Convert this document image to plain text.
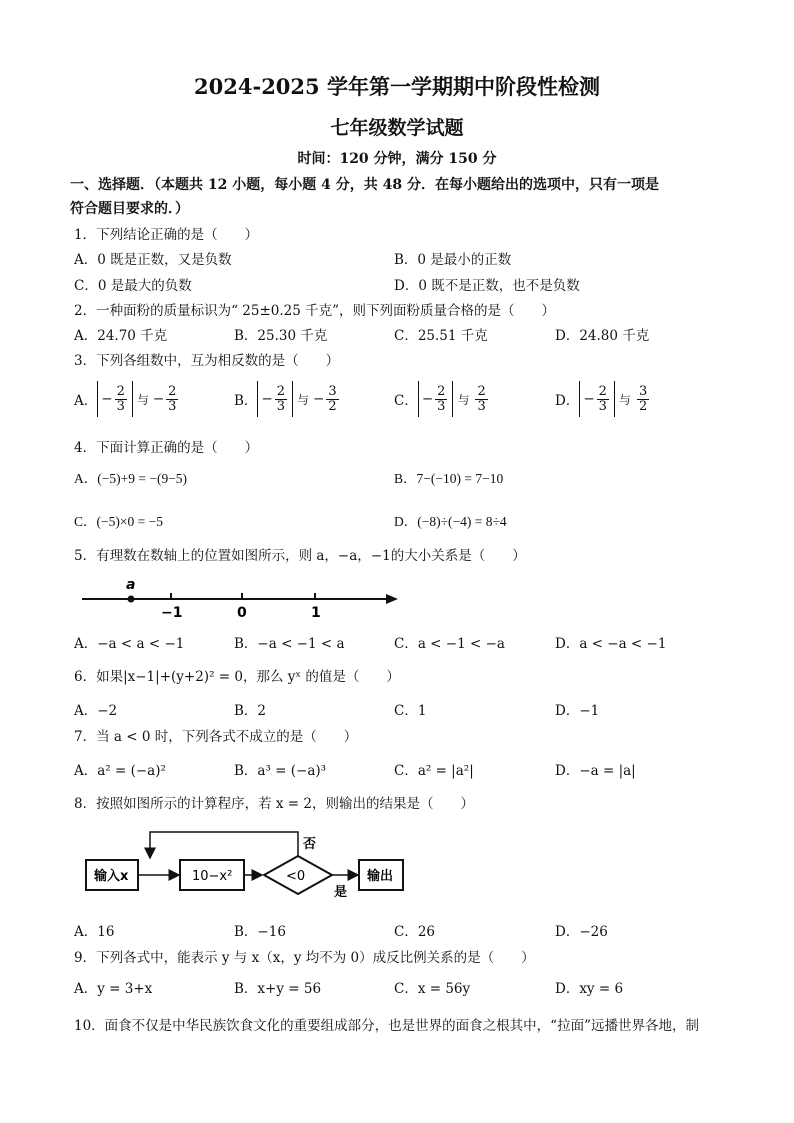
2024-2025 学年第一学期期中阶段性检测
七年级数学试题
时间：120 分钟，满分 150 分
一、选择题．（本题共 12 小题，每小题 4 分，共 48 分．在每小题给出的选项中，只有一项是
符合题目要求的．）
1．下列结论正确的是（　　）
A．0 既是正数，又是负数	B．0 是最小的正数
C．0 是最大的负数	D．0 既不是正数，也不是负数
2．一种面粉的质量标识为“ 25±0.25 千克”，则下列面粉质量合格的是（　　）
A．24.70 千克	B．25.30 千克	C．25.51 千克	D．24.80 千克
3．下列各组数中，互为相反数的是（　　）
A． − $\frac{2}{3}$ 与 − $\frac{2}{3}$	B． − $\frac{2}{3}$ 与 − $\frac{3}{2}$	C． − $\frac{2}{3}$ 与 $\frac{2}{3}$	D． − $\frac{2}{3}$ 与 $\frac{3}{2}$
4．下面计算正确的是（　　）
A．(−5)+9 = −(9−5)	B．7−(−10) = 7−10
C．(−5)×0 = −5	D．(−8)÷(−4) = 8÷4
5．有理数在数轴上的位置如图所示，则 a，−a，−1的大小关系是（　　）
a
−1	0	1
A．−a < a < −1	B．−a < −1 < a	C．a < −1 < −a	D．a < −a < −1
6．如果|x−1|+(y+2)² = 0，那么 yˣ 的值是（　　）
A．−2	B．2	C．1	D．−1
7．当 a < 0 时，下列各式不成立的是（　　）
A．a² = (−a)²	B．a³ = (−a)³	C．a² = |a²|	D．−a = |a|
8．按照如图所示的计算程序，若 x = 2，则输出的结果是（　　）
输入x	10−x²	<0
是
输出
否
A．16	B．−16	C．26	D．−26
9．下列各式中，能表示 y 与 x（x，y 均不为 0）成反比例关系的是（　　）
A．y = 3+x	B．x+y = 56	C．x = 56y	D．xy = 6
10．面食不仅是中华民族饮食文化的重要组成部分，也是世界的面食之根其中，“拉面”远播世界各地，制
